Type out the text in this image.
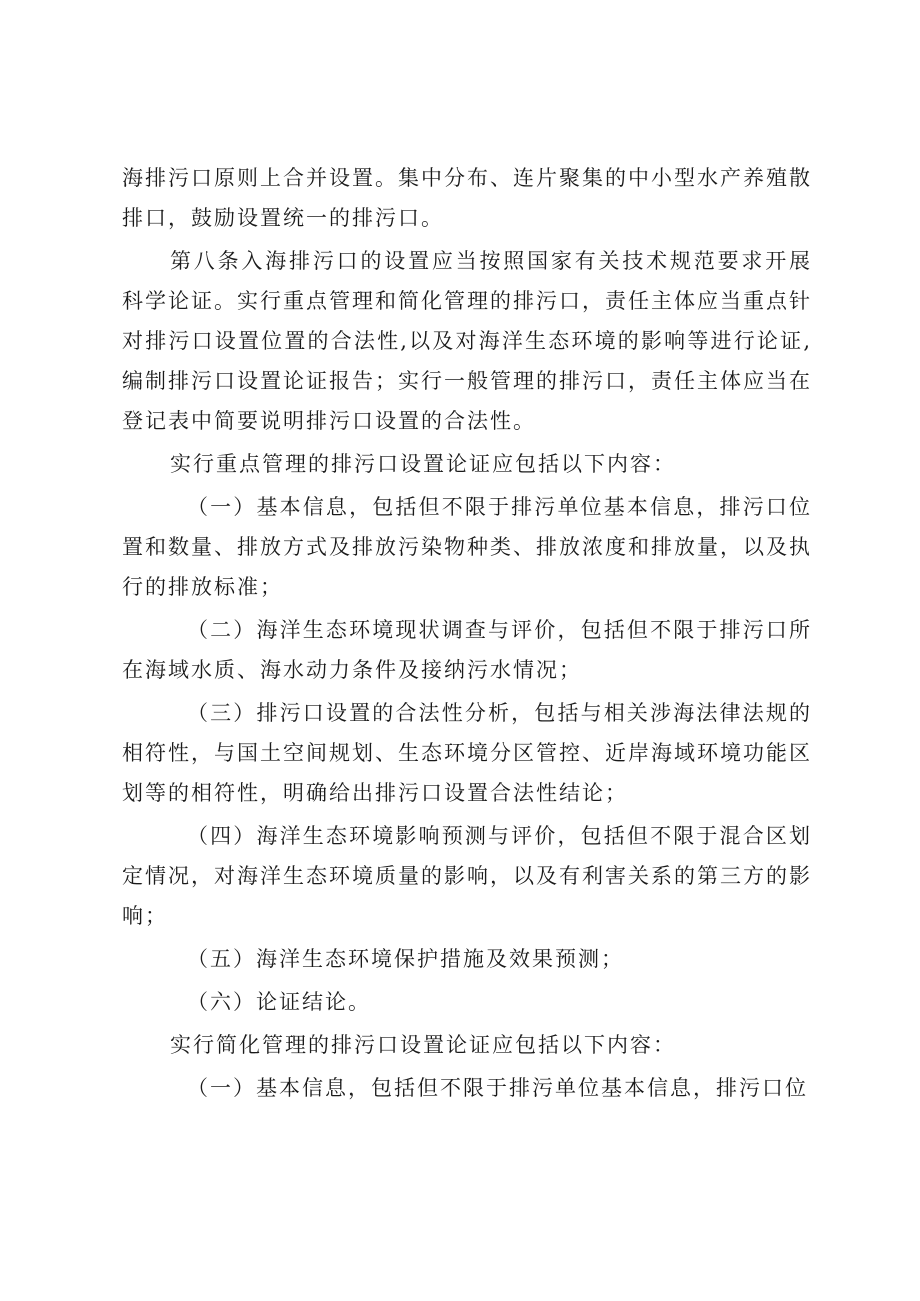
海排污口原则上合并设置。集中分布、连片聚集的中小型水产养殖散排口，鼓励设置统一的排污口。

第八条入海排污口的设置应当按照国家有关技术规范要求开展科学论证。实行重点管理和简化管理的排污口，责任主体应当重点针对排污口设置位置的合法性,以及对海洋生态环境的影响等进行论证,编制排污口设置论证报告；实行一般管理的排污口，责任主体应当在登记表中简要说明排污口设置的合法性。

实行重点管理的排污口设置论证应包括以下内容：

（一）基本信息，包括但不限于排污单位基本信息，排污口位置和数量、排放方式及排放污染物种类、排放浓度和排放量，以及执行的排放标准；

（二）海洋生态环境现状调查与评价，包括但不限于排污口所在海域水质、海水动力条件及接纳污水情况；

（三）排污口设置的合法性分析，包括与相关涉海法律法规的相符性，与国土空间规划、生态环境分区管控、近岸海域环境功能区划等的相符性，明确给出排污口设置合法性结论；

（四）海洋生态环境影响预测与评价，包括但不限于混合区划定情况，对海洋生态环境质量的影响，以及有利害关系的第三方的影响；

（五）海洋生态环境保护措施及效果预测；

（六）论证结论。

实行简化管理的排污口设置论证应包括以下内容：

（一）基本信息，包括但不限于排污单位基本信息，排污口位
